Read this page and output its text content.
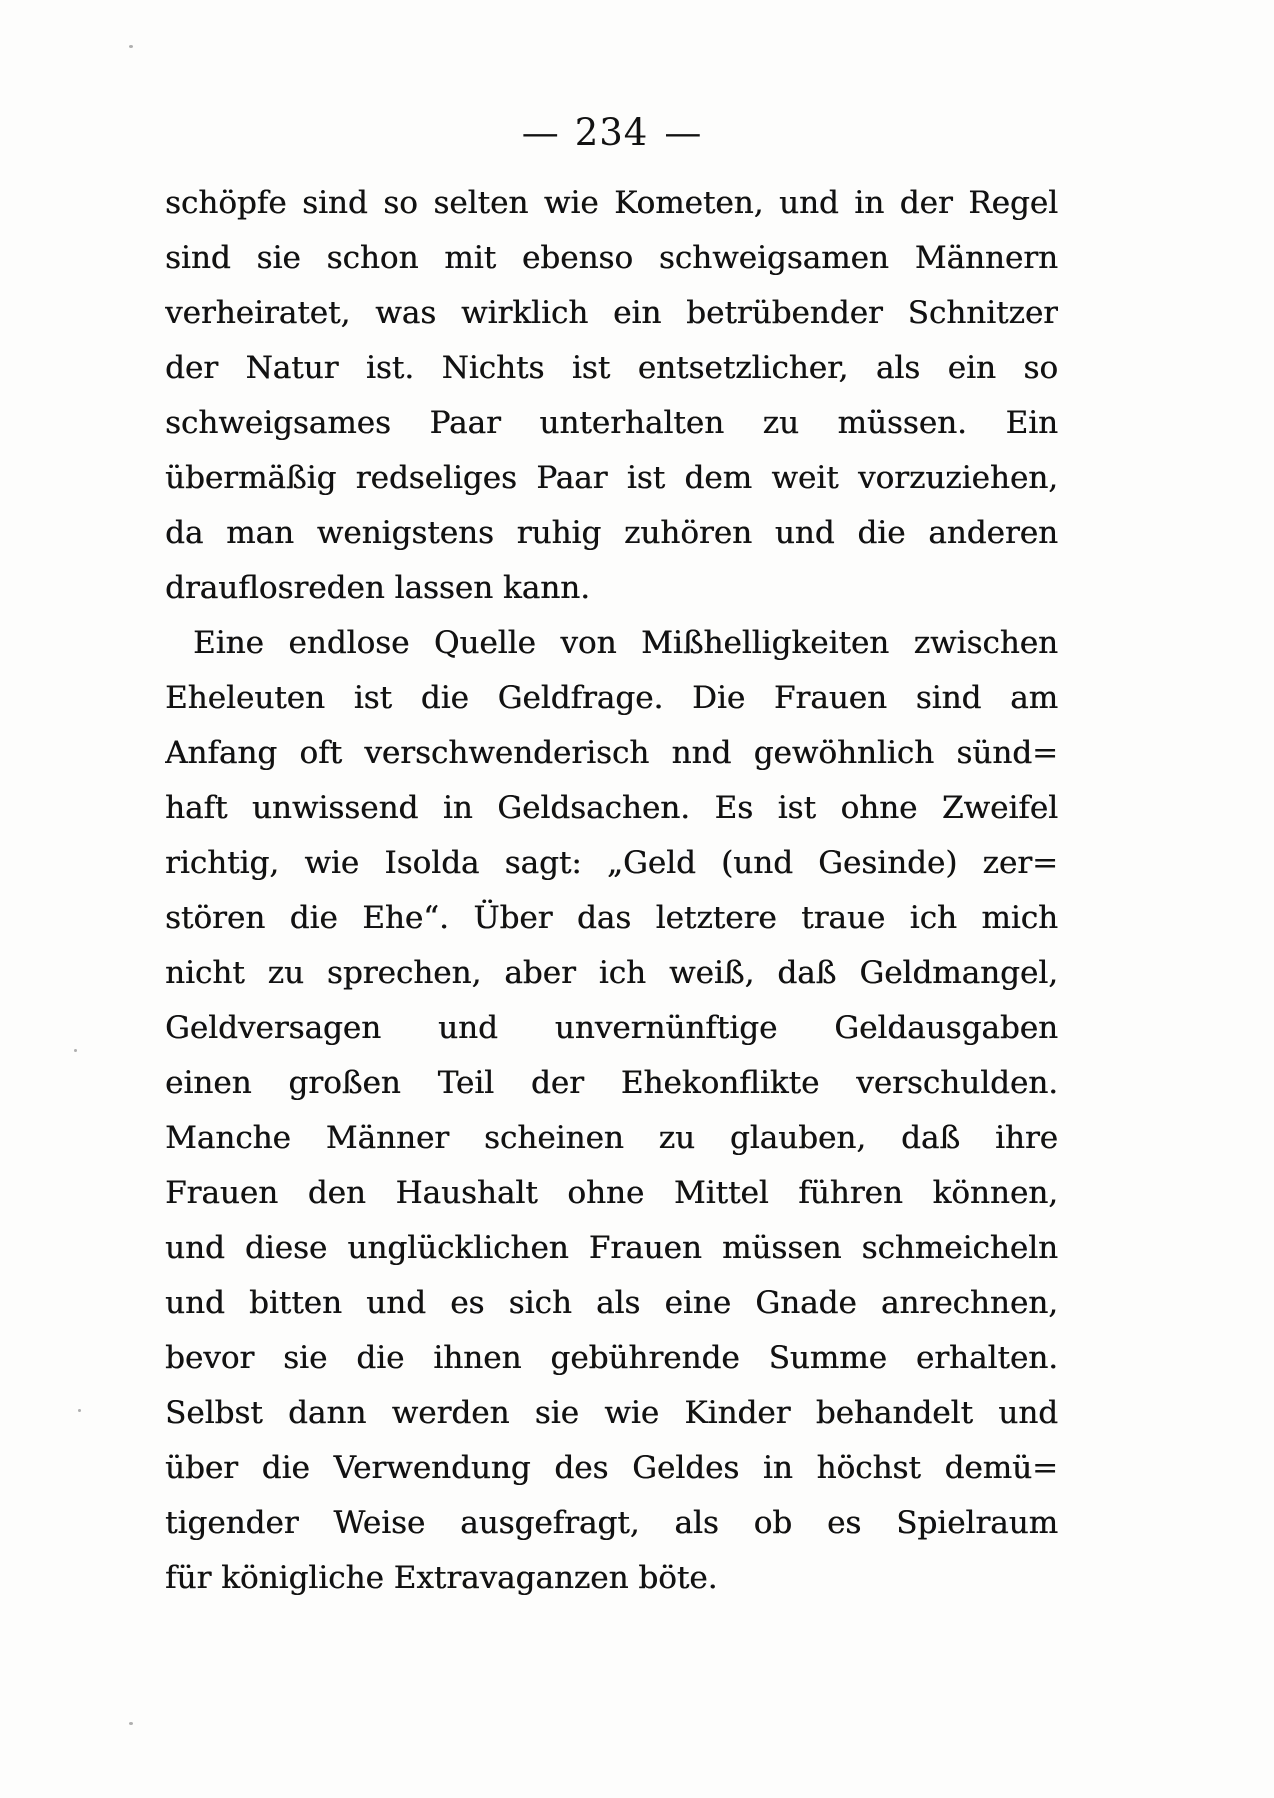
— 234 —
schöpfe sind so selten wie Kometen, und in der Regel
sind sie schon mit ebenso schweigsamen Männern
verheiratet, was wirklich ein betrübender Schnitzer
der Natur ist. Nichts ist entsetzlicher, als ein so
schweigsames Paar unterhalten zu müssen. Ein
übermäßig redseliges Paar ist dem weit vorzuziehen,
da man wenigstens ruhig zuhören und die anderen
drauflosreden lassen kann.
Eine endlose Quelle von Mißhelligkeiten zwischen
Eheleuten ist die Geldfrage. Die Frauen sind am
Anfang oft verschwenderisch nnd gewöhnlich sünd=
haft unwissend in Geldsachen. Es ist ohne Zweifel
richtig, wie Isolda sagt: „Geld (und Gesinde) zer=
stören die Ehe“. Über das letztere traue ich mich
nicht zu sprechen, aber ich weiß, daß Geldmangel,
Geldversagen und unvernünftige Geldausgaben
einen großen Teil der Ehekonflikte verschulden.
Manche Männer scheinen zu glauben, daß ihre
Frauen den Haushalt ohne Mittel führen können,
und diese unglücklichen Frauen müssen schmeicheln
und bitten und es sich als eine Gnade anrechnen,
bevor sie die ihnen gebührende Summe erhalten.
Selbst dann werden sie wie Kinder behandelt und
über die Verwendung des Geldes in höchst demü=
tigender Weise ausgefragt, als ob es Spielraum
für königliche Extravaganzen böte.
